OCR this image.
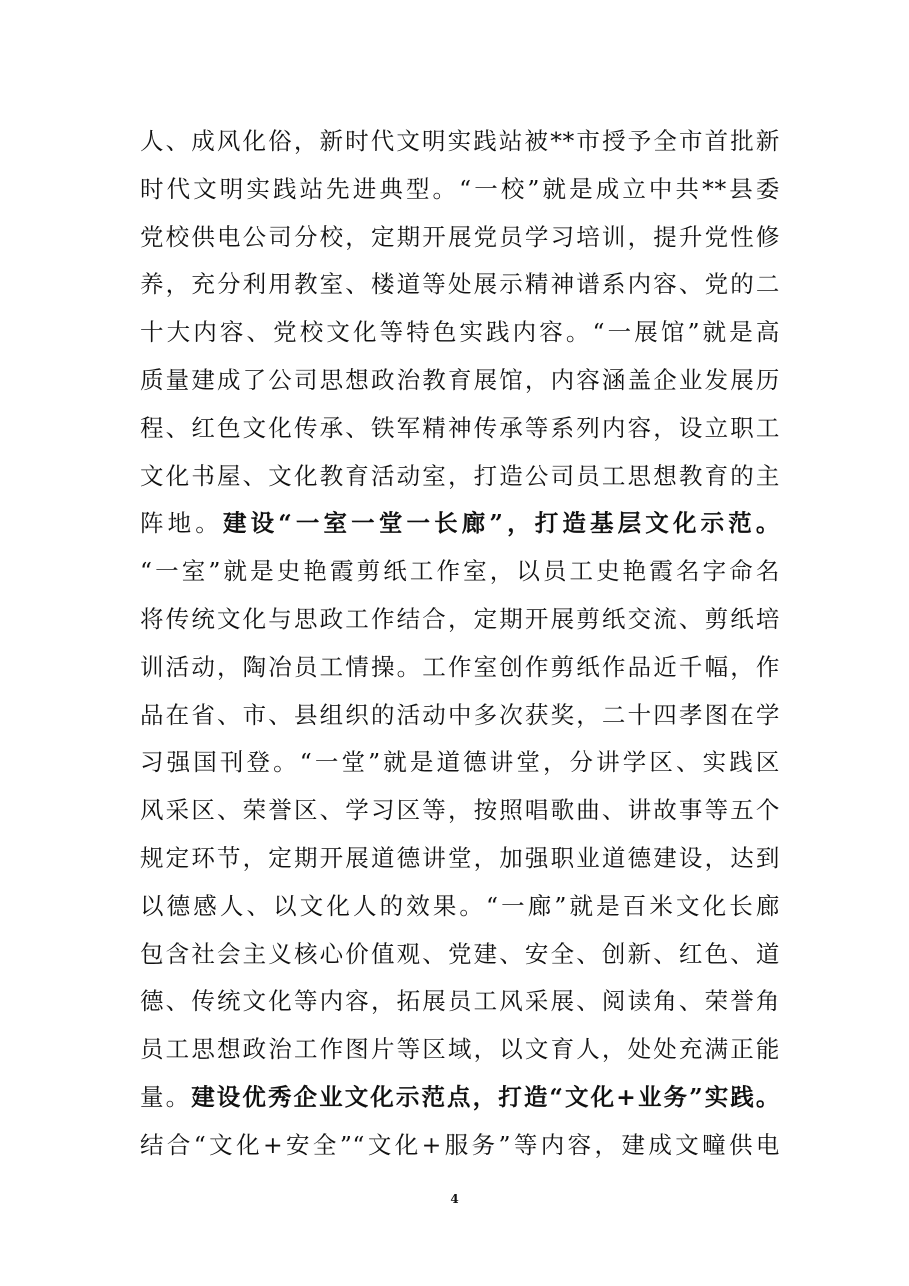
人、成风化俗，新时代文明实践站被**市授予全市首批新
时代文明实践站先进典型。“一校”就是成立中共**县委
党校供电公司分校，定期开展党员学习培训，提升党性修
养，充分利用教室、楼道等处展示精神谱系内容、党的二
十大内容、党校文化等特色实践内容。“一展馆”就是高
质量建成了公司思想政治教育展馆，内容涵盖企业发展历
程、红色文化传承、铁军精神传承等系列内容，设立职工
文化书屋、文化教育活动室，打造公司员工思想教育的主
阵地。建设“一室一堂一长廊”，打造基层文化示范。
“一室”就是史艳霞剪纸工作室，以员工史艳霞名字命名
将传统文化与思政工作结合，定期开展剪纸交流、剪纸培
训活动，陶冶员工情操。工作室创作剪纸作品近千幅，作
品在省、市、县组织的活动中多次获奖，二十四孝图在学
习强国刊登。“一堂”就是道德讲堂，分讲学区、实践区
风采区、荣誉区、学习区等，按照唱歌曲、讲故事等五个
规定环节，定期开展道德讲堂，加强职业道德建设，达到
以德感人、以文化人的效果。“一廊”就是百米文化长廊
包含社会主义核心价值观、党建、安全、创新、红色、道
德、传统文化等内容，拓展员工风采展、阅读角、荣誉角
员工思想政治工作图片等区域，以文育人，处处充满正能
量。建设优秀企业文化示范点，打造“文化+业务”实践。
结合“文化+安全”“文化+服务”等内容，建成文疃供电
4
